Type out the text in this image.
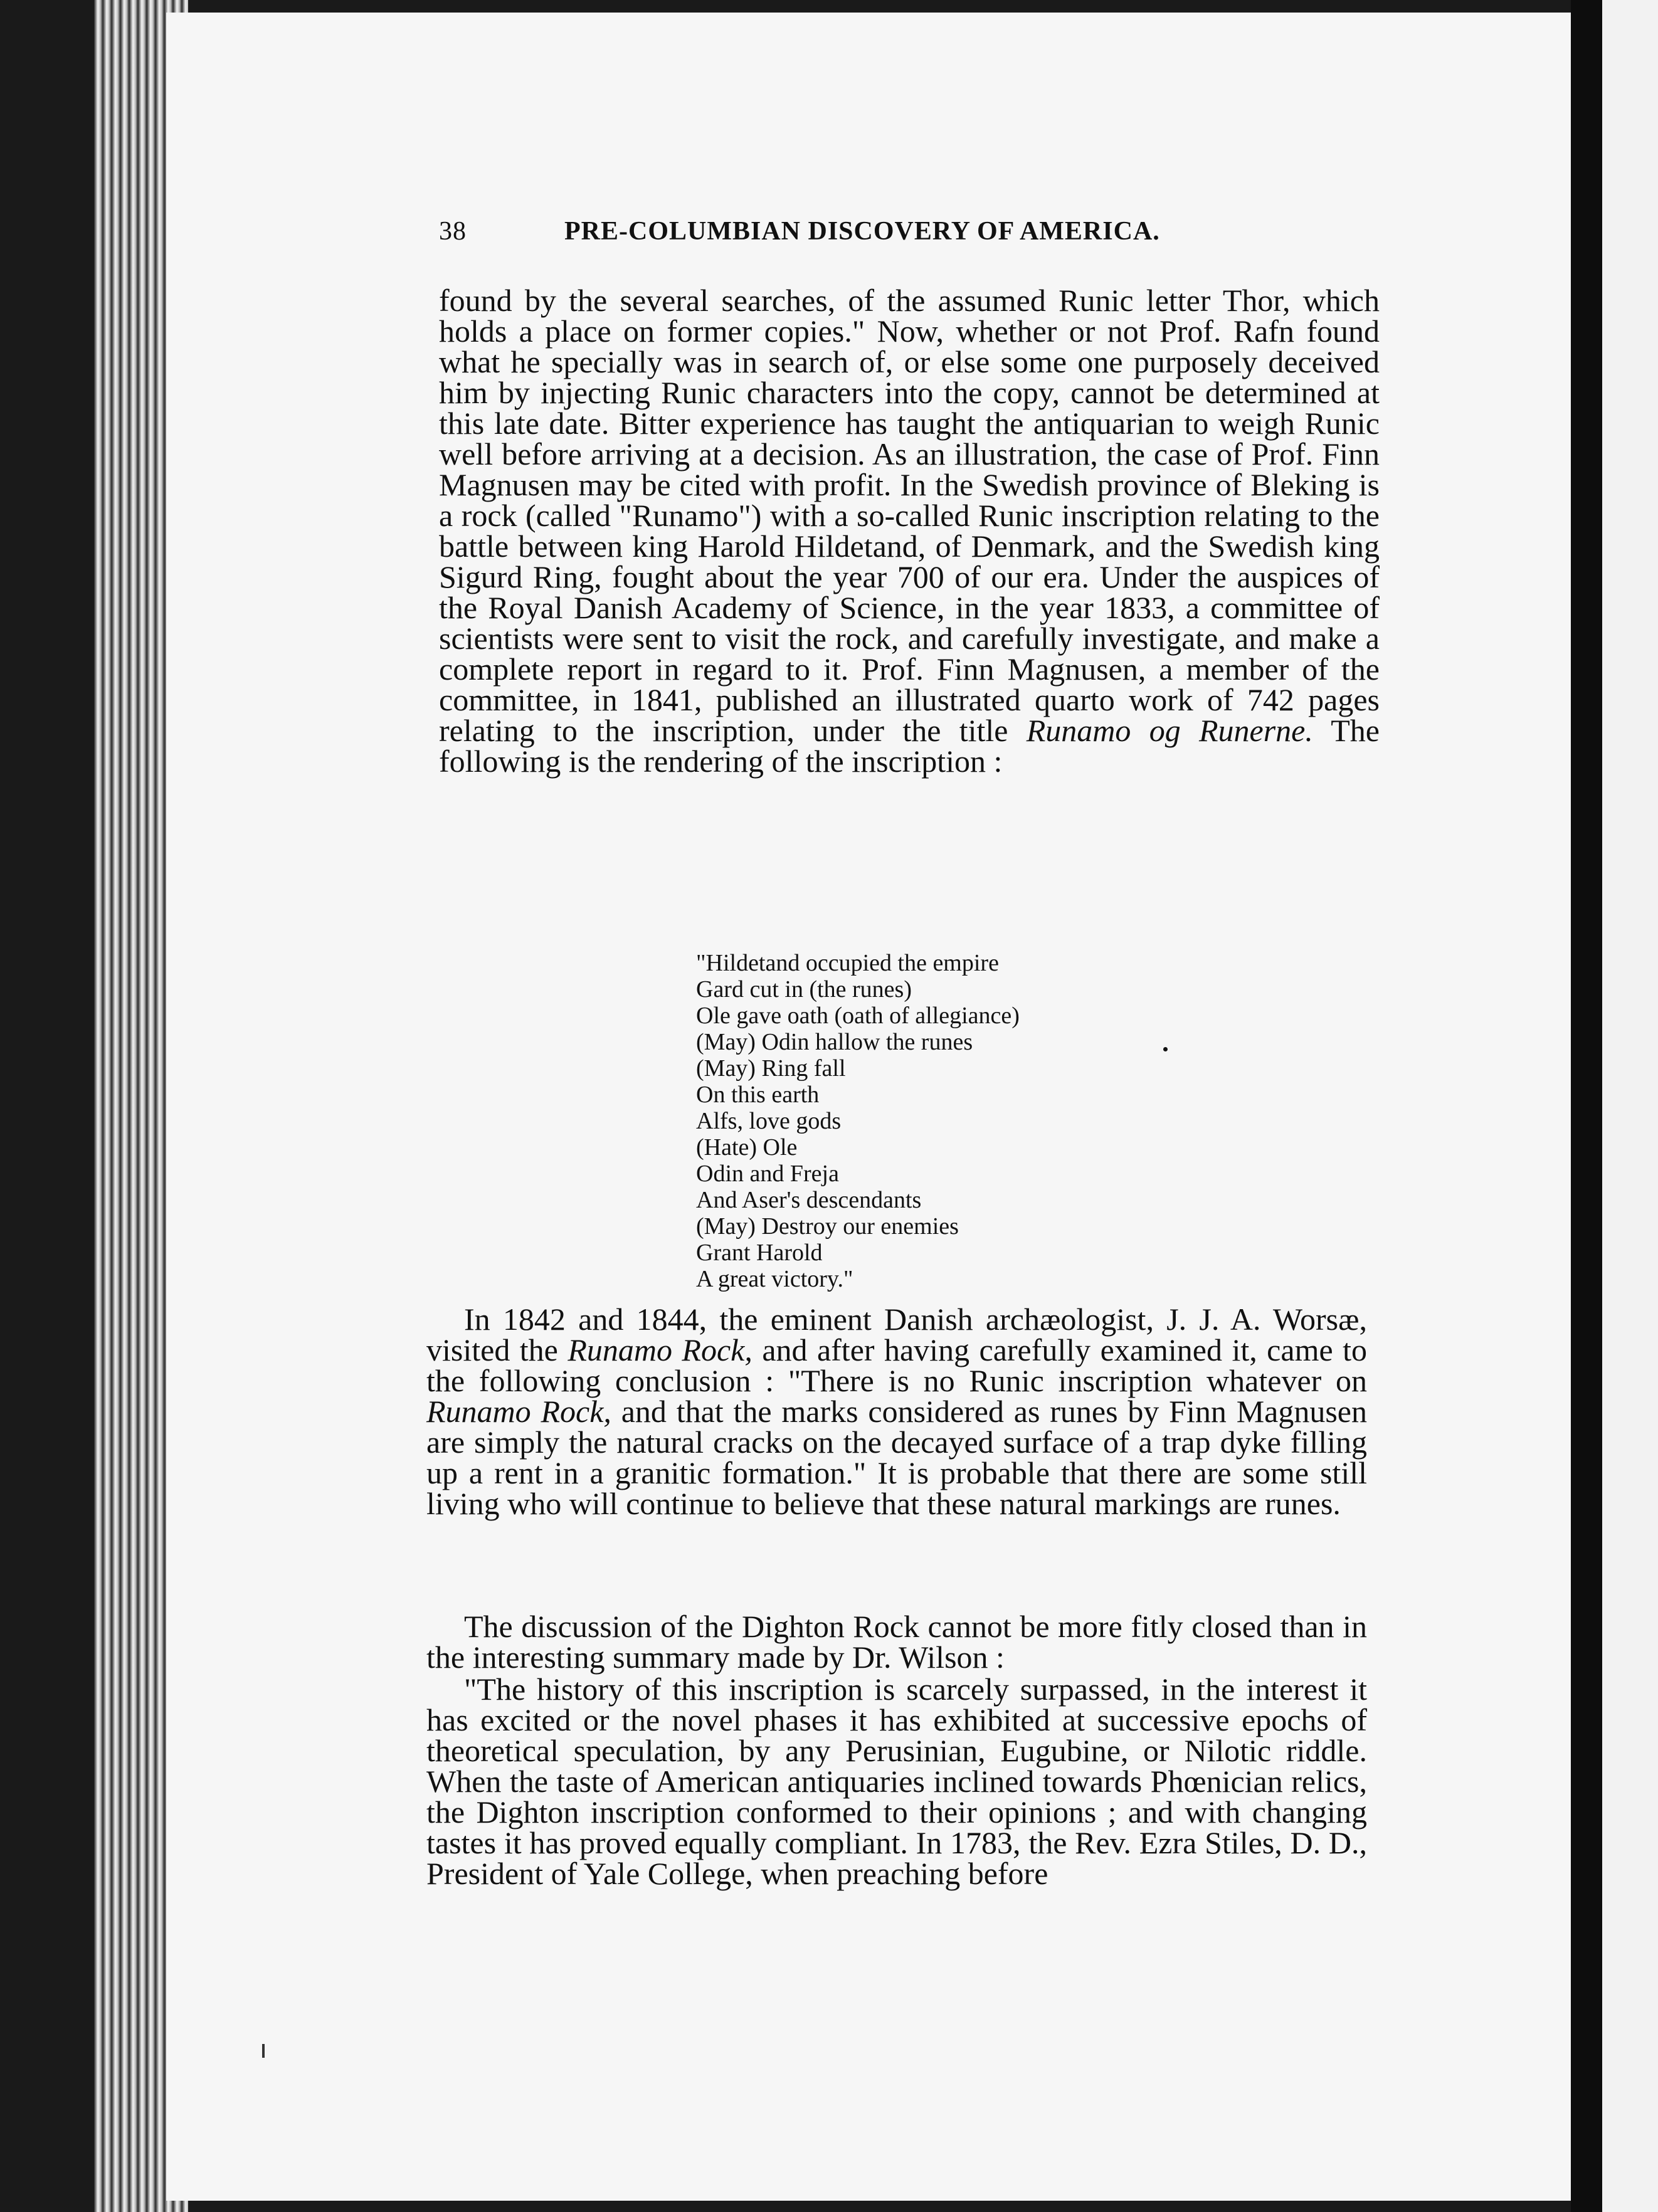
38	PRE-COLUMBIAN DISCOVERY OF AMERICA.

found by the several searches, of the assumed Runic letter Thor, which holds a place on former copies." Now, whether or not Prof. Rafn found what he specially was in search of, or else some one purposely deceived him by injecting Runic characters into the copy, cannot be determined at this late date. Bitter experience has taught the antiquarian to weigh Runic well before arriving at a decision. As an illustration, the case of Prof. Finn Magnusen may be cited with profit. In the Swedish province of Bleking is a rock (called "Runamo") with a so-called Runic inscription relating to the battle between king Harold Hildetand, of Denmark, and the Swedish king Sigurd Ring, fought about the year 700 of our era. Under the auspices of the Royal Danish Academy of Science, in the year 1833, a committee of scientists were sent to visit the rock, and carefully investigate, and make a complete report in regard to it. Prof. Finn Magnusen, a member of the committee, in 1841, published an illustrated quarto work of 742 pages relating to the inscription, under the title Runamo og Runerne. The following is the rendering of the inscription :

"Hildetand occupied the empire
Gard cut in (the runes)
Ole gave oath (oath of allegiance)
(May) Odin hallow the runes
(May) Ring fall
On this earth
Alfs, love gods
(Hate) Ole
Odin and Freja
And Aser's descendants
(May) Destroy our enemies
Grant Harold
A great victory."

In 1842 and 1844, the eminent Danish archæologist, J. J. A. Worsæ, visited the Runamo Rock, and after having carefully examined it, came to the following conclusion : "There is no Runic inscription whatever on Runamo Rock, and that the marks considered as runes by Finn Magnusen are simply the natural cracks on the decayed surface of a trap dyke filling up a rent in a granitic formation." It is probable that there are some still living who will continue to believe that these natural markings are runes.

The discussion of the Dighton Rock cannot be more fitly closed than in the interesting summary made by Dr. Wilson :

"The history of this inscription is scarcely surpassed, in the interest it has excited or the novel phases it has exhibited at successive epochs of theoretical speculation, by any Perusinian, Eugubine, or Nilotic riddle. When the taste of American antiquaries inclined towards Phœnician relics, the Dighton inscription conformed to their opinions ; and with changing tastes it has proved equally compliant. In 1783, the Rev. Ezra Stiles, D. D., President of Yale College, when preaching before
